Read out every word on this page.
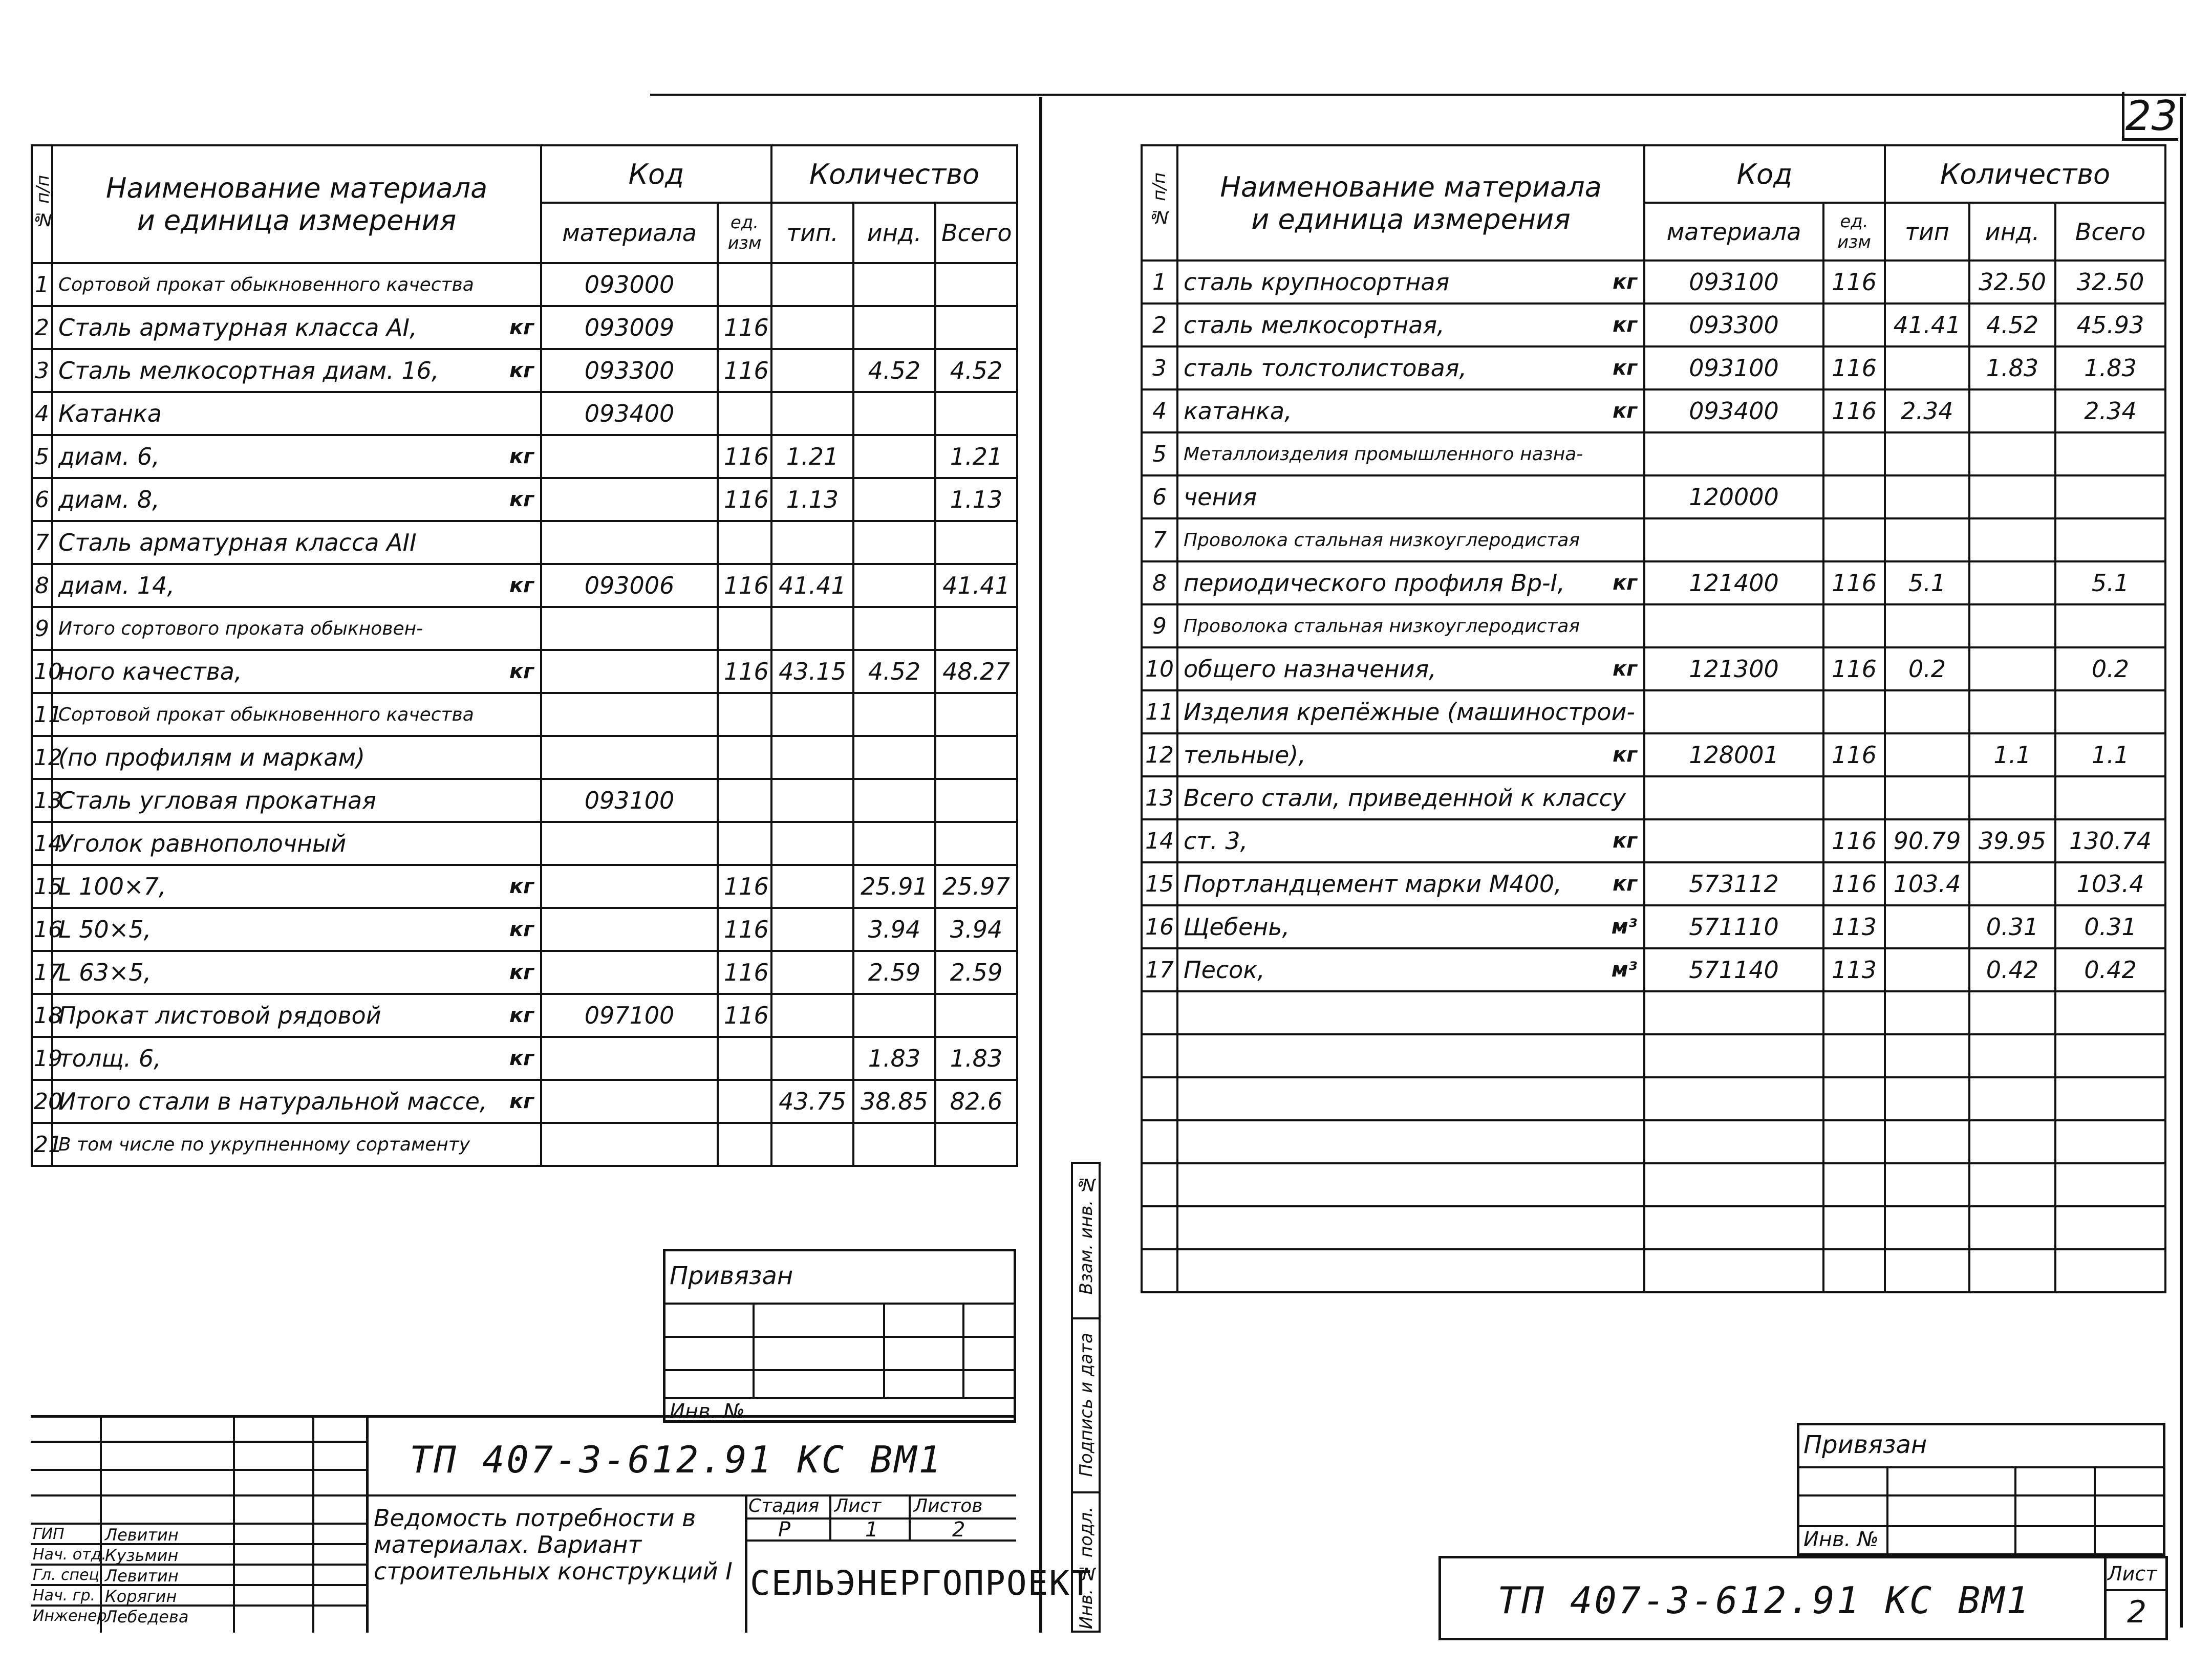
23
№ п/п	Наименование материала
и единица измерения	Код		Количество		
		материала	ед. изм	тип.	инд.	Всего
1	Сортовой прокат обыкновенного качества	093000				
2	Сталь арматурная класса AI, кг	093009	116			
3	Сталь мелкосортная диам. 16, кг	093300	116		4.52	4.52
4	Катанка	093400				
5	диам. 6, кг		116	1.21		1.21
6	диам. 8, кг		116	1.13		1.13
7	Сталь арматурная класса AII

8	диам. 14, кг	093006	116	41.41		41.41
9	Итого сортового проката обыкновен-

10	ного качества, кг		116	43.15	4.52	48.27
11	Сортовой прокат обыкновенного качества

12	(по профилям и маркам)

13	Сталь угловая прокатная	093100				
14	Уголок равнополочный

15	L 100×7, кг		116		25.91	25.97
16	L 50×5, кг		116		3.94	3.94
17	L 63×5, кг		116		2.59	2.59
18	Прокат листовой рядовой кг	097100	116			
19	толщ. 6, кг				1.83	1.83
20	Итого стали в натуральной массе, кг			43.75	38.85	82.6
21	В том числе по укрупненному сортаменту

№ п/п	Наименование материала
и единица измерения	Код		Количество		
		материала	ед. изм	тип	инд.	Всего
1	сталь крупносортная кг	093100	116		32.50	32.50
2	сталь мелкосортная, кг	093300		41.41	4.52	45.93
3	сталь толстолистовая, кг	093100	116		1.83	1.83
4	катанка, кг	093400	116	2.34		2.34
5	Металлоизделия промышленного назна-

6	чения	120000				
7	Проволока стальная низкоуглеродистая

8	периодического профиля Вр-I, кг	121400	116	5.1		5.1
9	Проволока стальная низкоуглеродистая

10	общего назначения, кг	121300	116	0.2		0.2
11	Изделия крепёжные (машинострои-

12	тельные), кг	128001	116		1.1	1.1
13	Всего стали, приведенной к классу

14	ст. 3, кг		116	90.79	39.95	130.74
15	Портландцемент марки М400, кг	573112	116	103.4		103.4
16	Щебень, м³	571110	113		0.31	0.31
17	Песок, м³	571140	113		0.42	0.42

Привязан
Инв. №
ГИП	Левитин
Нач. отд.
Кузьмин
Гл. спец. Левитин
Нач. гр. Корягин
Инженер
Лебедева
ТП 407-3-612.91 КС ВМ1
Ведомость потребности в
материалах. Вариант
строительных конструкций I
Стадия Лист Листов
Р	1	2
СЕЛЬЭНЕРГОПРОЕКТ
Взам. инв. №
Подпись и дата
Инв. № подл.
Привязан
Инв. №
ТП 407-3-612.91 КС ВМ1
Лист
2
